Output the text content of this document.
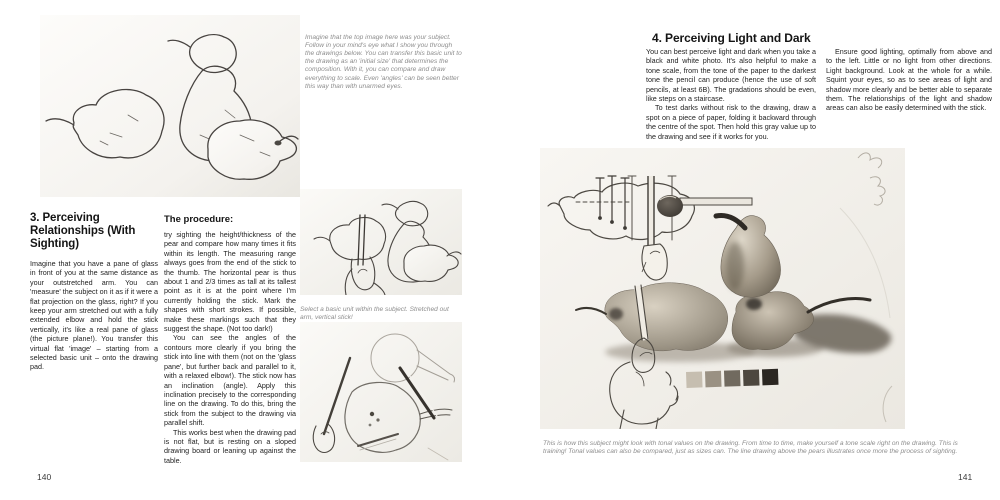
Imagine that the top image here was your subject. Follow in your mind's eye what I show you through the drawings below. You can transfer this basic unit to the drawing as an 'initial size' that determines the composition. With it, you can compare and draw everything to scale. Even 'angles' can be seen better this way than with unarmed eyes.

3. Perceiving Relationships (With Sighting)

Imagine that you have a pane of glass in front of you at the same distance as your outstretched arm. You can 'measure' the subject on it as if it were a flat projection on the glass, right? If you keep your arm stretched out with a fully extended elbow and hold the stick vertically, it's like a real pane of glass (the picture plane!). You transfer this virtual flat 'image' – starting from a selected basic unit – onto the drawing pad.

The procedure:

try sighting the height/thickness of the pear and compare how many times it fits within its length. The measuring range always goes from the end of the stick to the thumb. The horizontal pear is thus about 1 and 2/3 times as tall at its tallest point as it is at the point where I'm currently holding the stick. Mark the shapes with short strokes. If possible, make these markings such that they suggest the shape. (Not too dark!)

You can see the angles of the contours more clearly if you bring the stick into line with them (not on the 'glass pane', but further back and parallel to it, with a relaxed elbow!). The stick now has an inclination (angle). Apply this inclination precisely to the corresponding line on the drawing. To do this, bring the stick from the subject to the drawing via parallel shift.

This works best when the drawing pad is not flat, but is resting on a sloped drawing board or leaning up against the table.

Select a basic unit within the subject. Stretched out arm, vertical stick!

140
4. Perceiving Light and Dark

You can best perceive light and dark when you take a black and white photo. It's also helpful to make a tone scale, from the tone of the paper to the darkest tone the pencil can produce (hence the use of soft pencils, at least 6B). The gradations should be even, like steps on a staircase.

To test darks without risk to the drawing, draw a spot on a piece of paper, folding it backward through the centre of the spot. Then hold this gray value up to the drawing and see if it works for you.

Ensure good lighting, optimally from above and to the left. Little or no light from other directions. Light background. Look at the whole for a while. Squint your eyes, so as to see areas of light and shadow more clearly and be better able to separate them. The relationships of the light and shadow areas can also be easily determined with the stick.

This is how this subject might look with tonal values on the drawing. From time to time, make yourself a tone scale right on the drawing. This is training! Tonal values can also be compared, just as sizes can. The line drawing above the pears illustrates once more the process of sighting.

141
